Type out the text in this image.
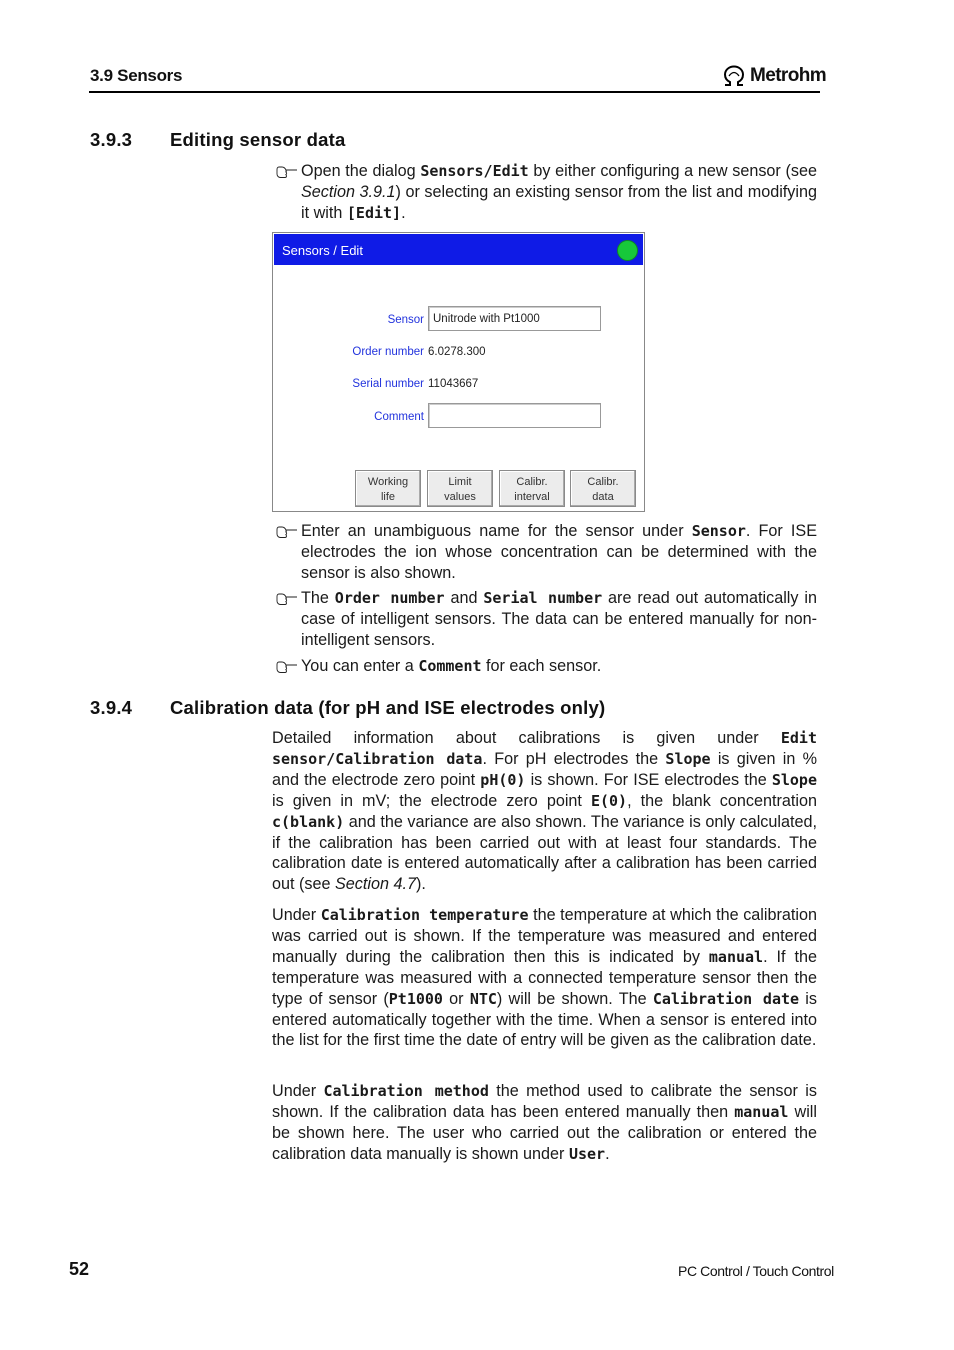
3.9 Sensors	Metrohm
3.9.3 Editing sensor data
Open the dialog Sensors/Edit by either configuring a new sensor (see Section 3.9.1) or selecting an existing sensor from the list and modifying it with [Edit].
Sensors / Edit
Sensor Unitrode with Pt1000
Order number 6.0278.300
Serial number 11043667
Comment
Working
life
Limit
values
Calibr.
interval
Calibr.
data
Enter an unambiguous name for the sensor under Sensor. For ISE electrodes the ion whose concentration can be determined with the sensor is also shown.
The Order number and Serial number are read out automatically in case of intelligent sensors. The data can be entered manually for non-intelligent sensors.
You can enter a Comment for each sensor.
3.9.4 Calibration data (for pH and ISE electrodes only)
Detailed information about calibrations is given under Edit sensor/Calibration data. For pH electrodes the Slope is given in % and the electrode zero point pH(0) is shown. For ISE electrodes the Slope is given in mV; the electrode zero point E(0), the blank concentration c(blank) and the variance are also shown. The variance is only calculated, if the calibration has been carried out with at least four standards. The calibration date is entered automatically after a calibration has been carried out (see Section 4.7).
Under Calibration temperature the temperature at which the calibration was carried out is shown. If the temperature was measured and entered manually during the calibration then this is indicated by manual. If the temperature was measured with a connected temperature sensor then the type of sensor (Pt1000 or NTC) will be shown. The Calibration date is entered automatically together with the time. When a sensor is entered into the list for the first time the date of entry will be given as the calibration date.
Under Calibration method the method used to calibrate the sensor is shown. If the calibration data has been entered manually then manual will be shown here. The user who carried out the calibration or entered the calibration data manually is shown under User.
52	PC Control / Touch Control
